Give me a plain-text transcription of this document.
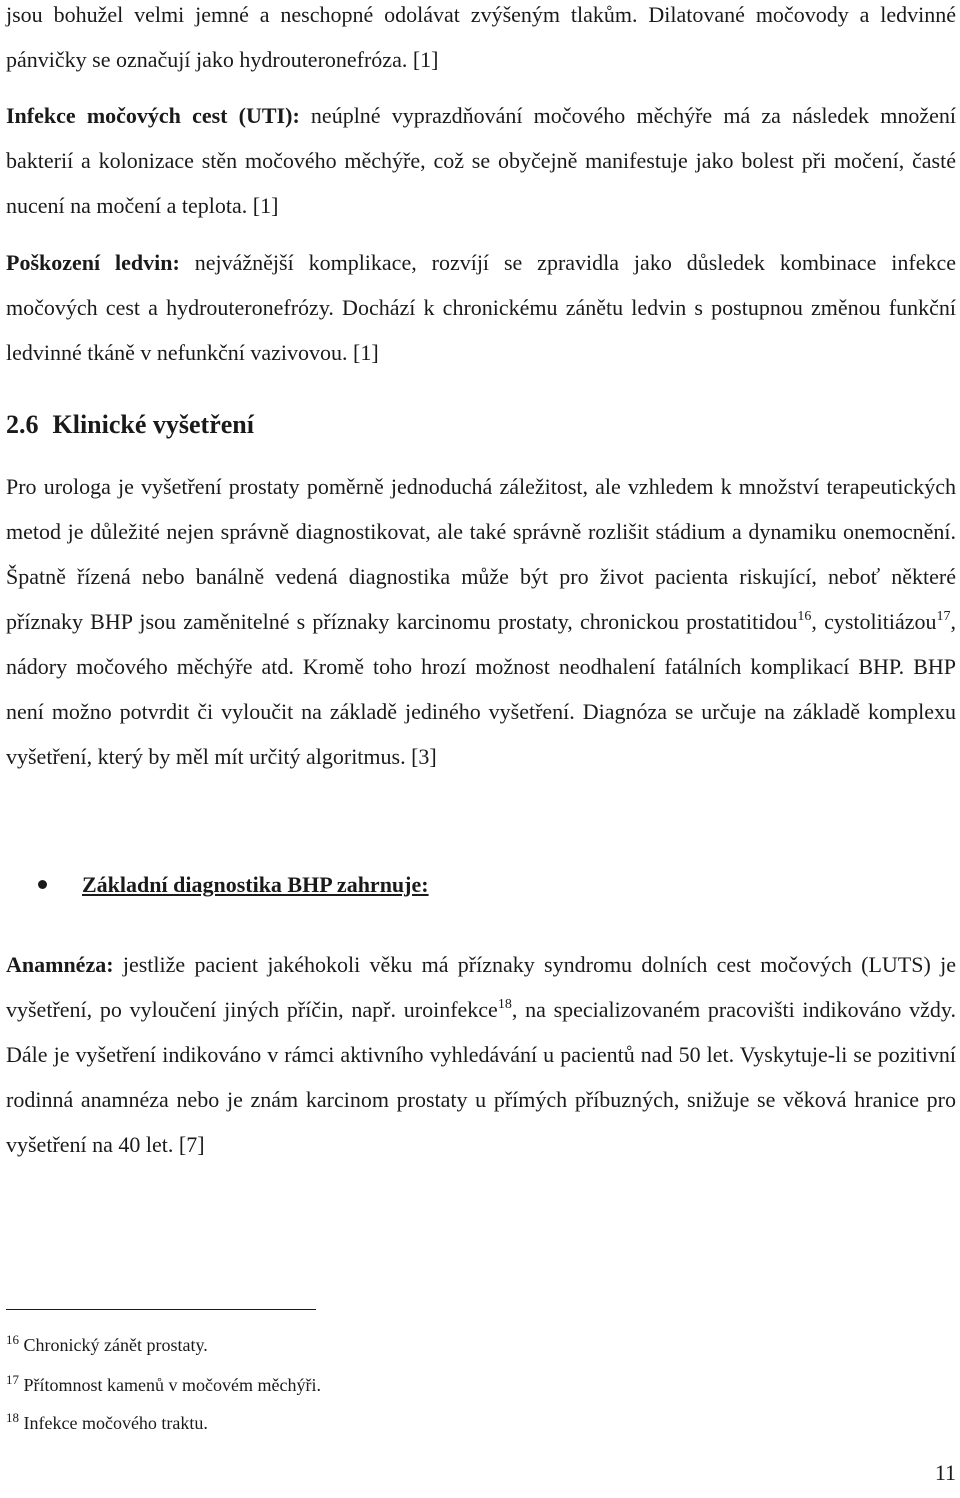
jsou bohužel velmi jemné a neschopné odolávat zvýšeným tlakům. Dilatované močovody a ledvinné pánvičky se označují jako hydrouteronefróza. [1]

Infekce močových cest (UTI): neúplné vyprazdňování močového měchýře má za následek množení bakterií a kolonizace stěn močového měchýře, což se obyčejně manifestuje jako bolest při močení, časté nucení na močení a teplota. [1]

Poškození ledvin: nejvážnější komplikace, rozvíjí se zpravidla jako důsledek kombinace infekce močových cest a hydrouteronefrózy. Dochází k chronickému zánětu ledvin s postupnou změnou funkční ledvinné tkáně v nefunkční vazivovou. [1]

2.6 Klinické vyšetření

Pro urologa je vyšetření prostaty poměrně jednoduchá záležitost, ale vzhledem k množství terapeutických metod je důležité nejen správně diagnostikovat, ale také správně rozlišit stádium a dynamiku onemocnění. Špatně řízená nebo banálně vedená diagnostika může být pro život pacienta riskující, neboť některé příznaky BHP jsou zaměnitelné s příznaky karcinomu prostaty, chronickou prostatitidou$^{16}$, cystolitiázou$^{17}$, nádory močového měchýře atd. Kromě toho hrozí možnost neodhalení fatálních komplikací BHP. BHP není možno potvrdit či vyloučit na základě jediného vyšetření. Diagnóza se určuje na základě komplexu vyšetření, který by měl mít určitý algoritmus. [3]

Základní diagnostika BHP zahrnuje:

Anamnéza: jestliže pacient jakéhokoli věku má příznaky syndromu dolních cest močových (LUTS) je vyšetření, po vyloučení jiných příčin, např. uroinfekce$^{18}$, na specializovaném pracovišti indikováno vždy. Dále je vyšetření indikováno v rámci aktivního vyhledávání u pacientů nad 50 let. Vyskytuje-li se pozitivní rodinná anamnéza nebo je znám karcinom prostaty u přímých příbuzných, snižuje se věková hranice pro vyšetření na 40 let. [7]

$^{16}$ Chronický zánět prostaty.
$^{17}$ Přítomnost kamenů v močovém měchýři.
$^{18}$ Infekce močového traktu.
11
